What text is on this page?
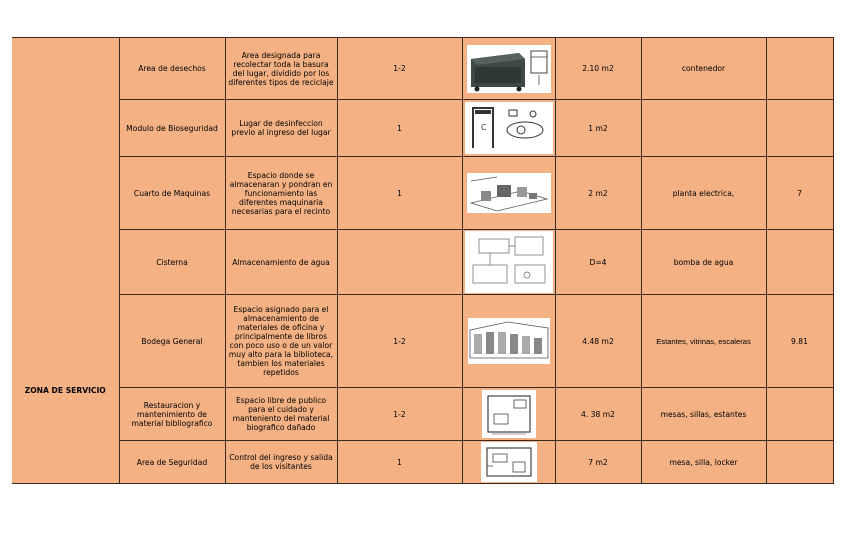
ZONA DE SERVICIO	Area de desechos	Area designada para recolectar toda la basura del lugar, dividido por los diferentes tipos de reciclaje	1-2		2.10 m2	contenedor	
	Modulo de Bioseguridad	Lugar de desinfeccion previo al ingreso del lugar	1	C	1 m2		
	Cuarto de Maquinas	Espacio donde se almacenaran y pondran en funcionamiento las diferentes maquinaria necesarias para el recinto	1		2 m2	planta electrica,	7
	Cisterna	Almacenamiento de agua			D=4	bomba de agua	
	Bodega General	Espacio asignado para el almacenamiento de materiales de oficina y principalmente de libros con poco uso o de un valor muy alto para la biblioteca, tambien los materiales repetidos	1-2		4.48 m2	Estantes, vitrinas, escaleras	9.81
	Restauracion y mantenimiento de material bibliografico	Espacio libre de publico para el cuidado y manteniento del material biografico dañado	1-2		4. 38 m2	mesas, sillas, estantes	
	Area de Seguridad	Control del ingreso y salida de los visitantes	1		7 m2	mesa, silla, locker	
